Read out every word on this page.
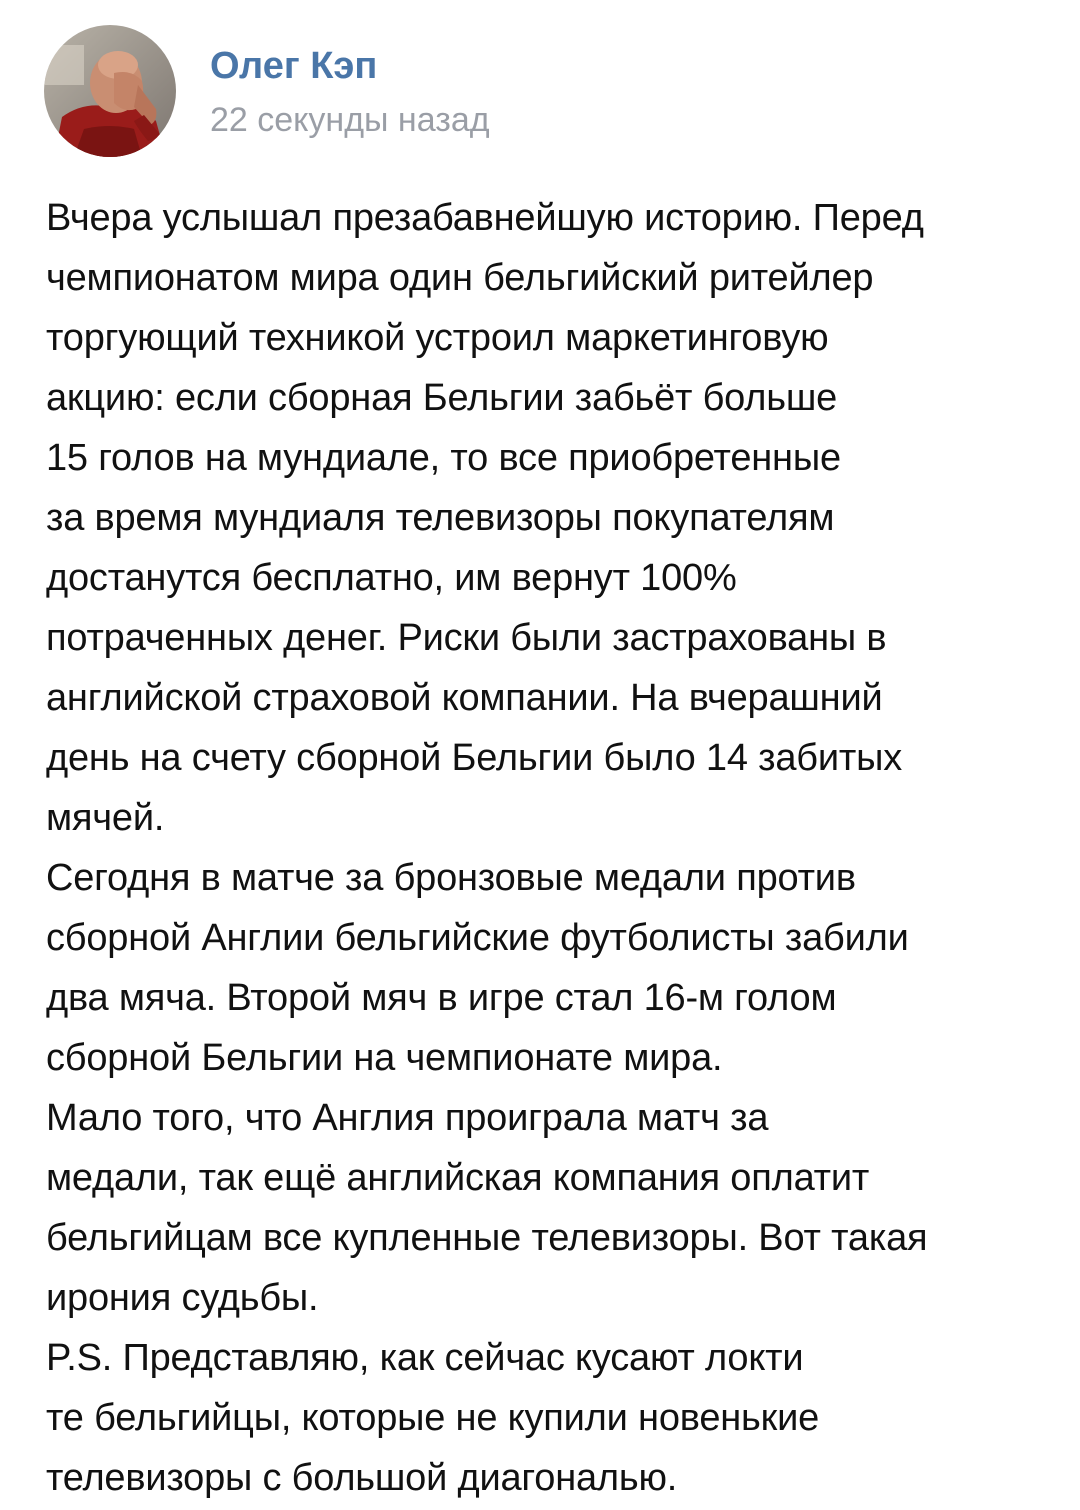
Олег Кэп
22 секунды назад
Вчера услышал презабавнейшую историю. Перед
чемпионатом мира один бельгийский ритейлер
торгующий техникой устроил маркетинговую
акцию: если сборная Бельгии забьёт больше
15 голов на мундиале, то все приобретенные
за время мундиаля телевизоры покупателям
достанутся бесплатно, им вернут 100%
потраченных денег. Риски были застрахованы в
английской страховой компании. На вчерашний
день на счету сборной Бельгии было 14 забитых
мячей.
Сегодня в матче за бронзовые медали против
сборной Англии бельгийские футболисты забили
два мяча. Второй мяч в игре стал 16-м голом
сборной Бельгии на чемпионате мира.
Мало того, что Англия проиграла матч за
медали, так ещё английская компания оплатит
бельгийцам все купленные телевизоры. Вот такая
ирония судьбы.
P.S. Представляю, как сейчас кусают локти
те бельгийцы, которые не купили новенькие
телевизоры с большой диагональю.
